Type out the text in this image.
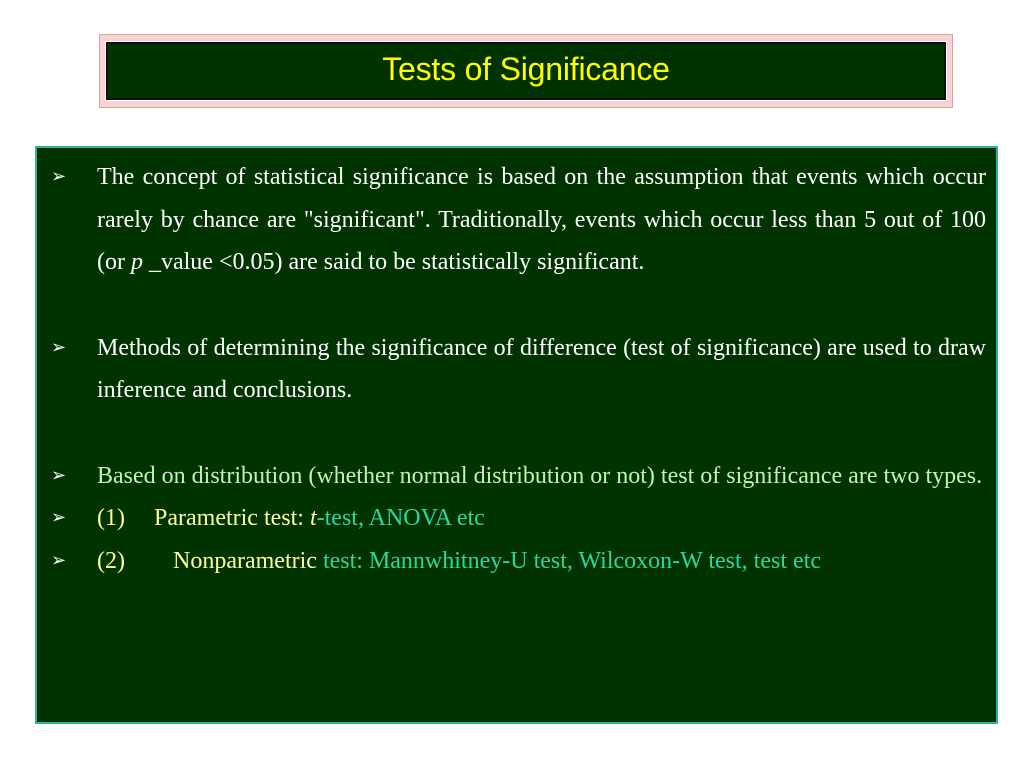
Tests of Significance
➢ The concept of statistical significance is based on the assumption that events which occur rarely by chance are "significant". Traditionally, events which occur less than 5 out of 100 (or p _value <0.05) are said to be statistically significant.
➢ Methods of determining the significance of difference (test of significance) are used to draw inference and conclusions.
➢ Based on distribution (whether normal distribution or not) test of significance are two types.
➢ (1) Parametric test: t-test, ANOVA etc
➢ (2) Nonparametric test: Mannwhitney-U test, Wilcoxon-W test, test etc
